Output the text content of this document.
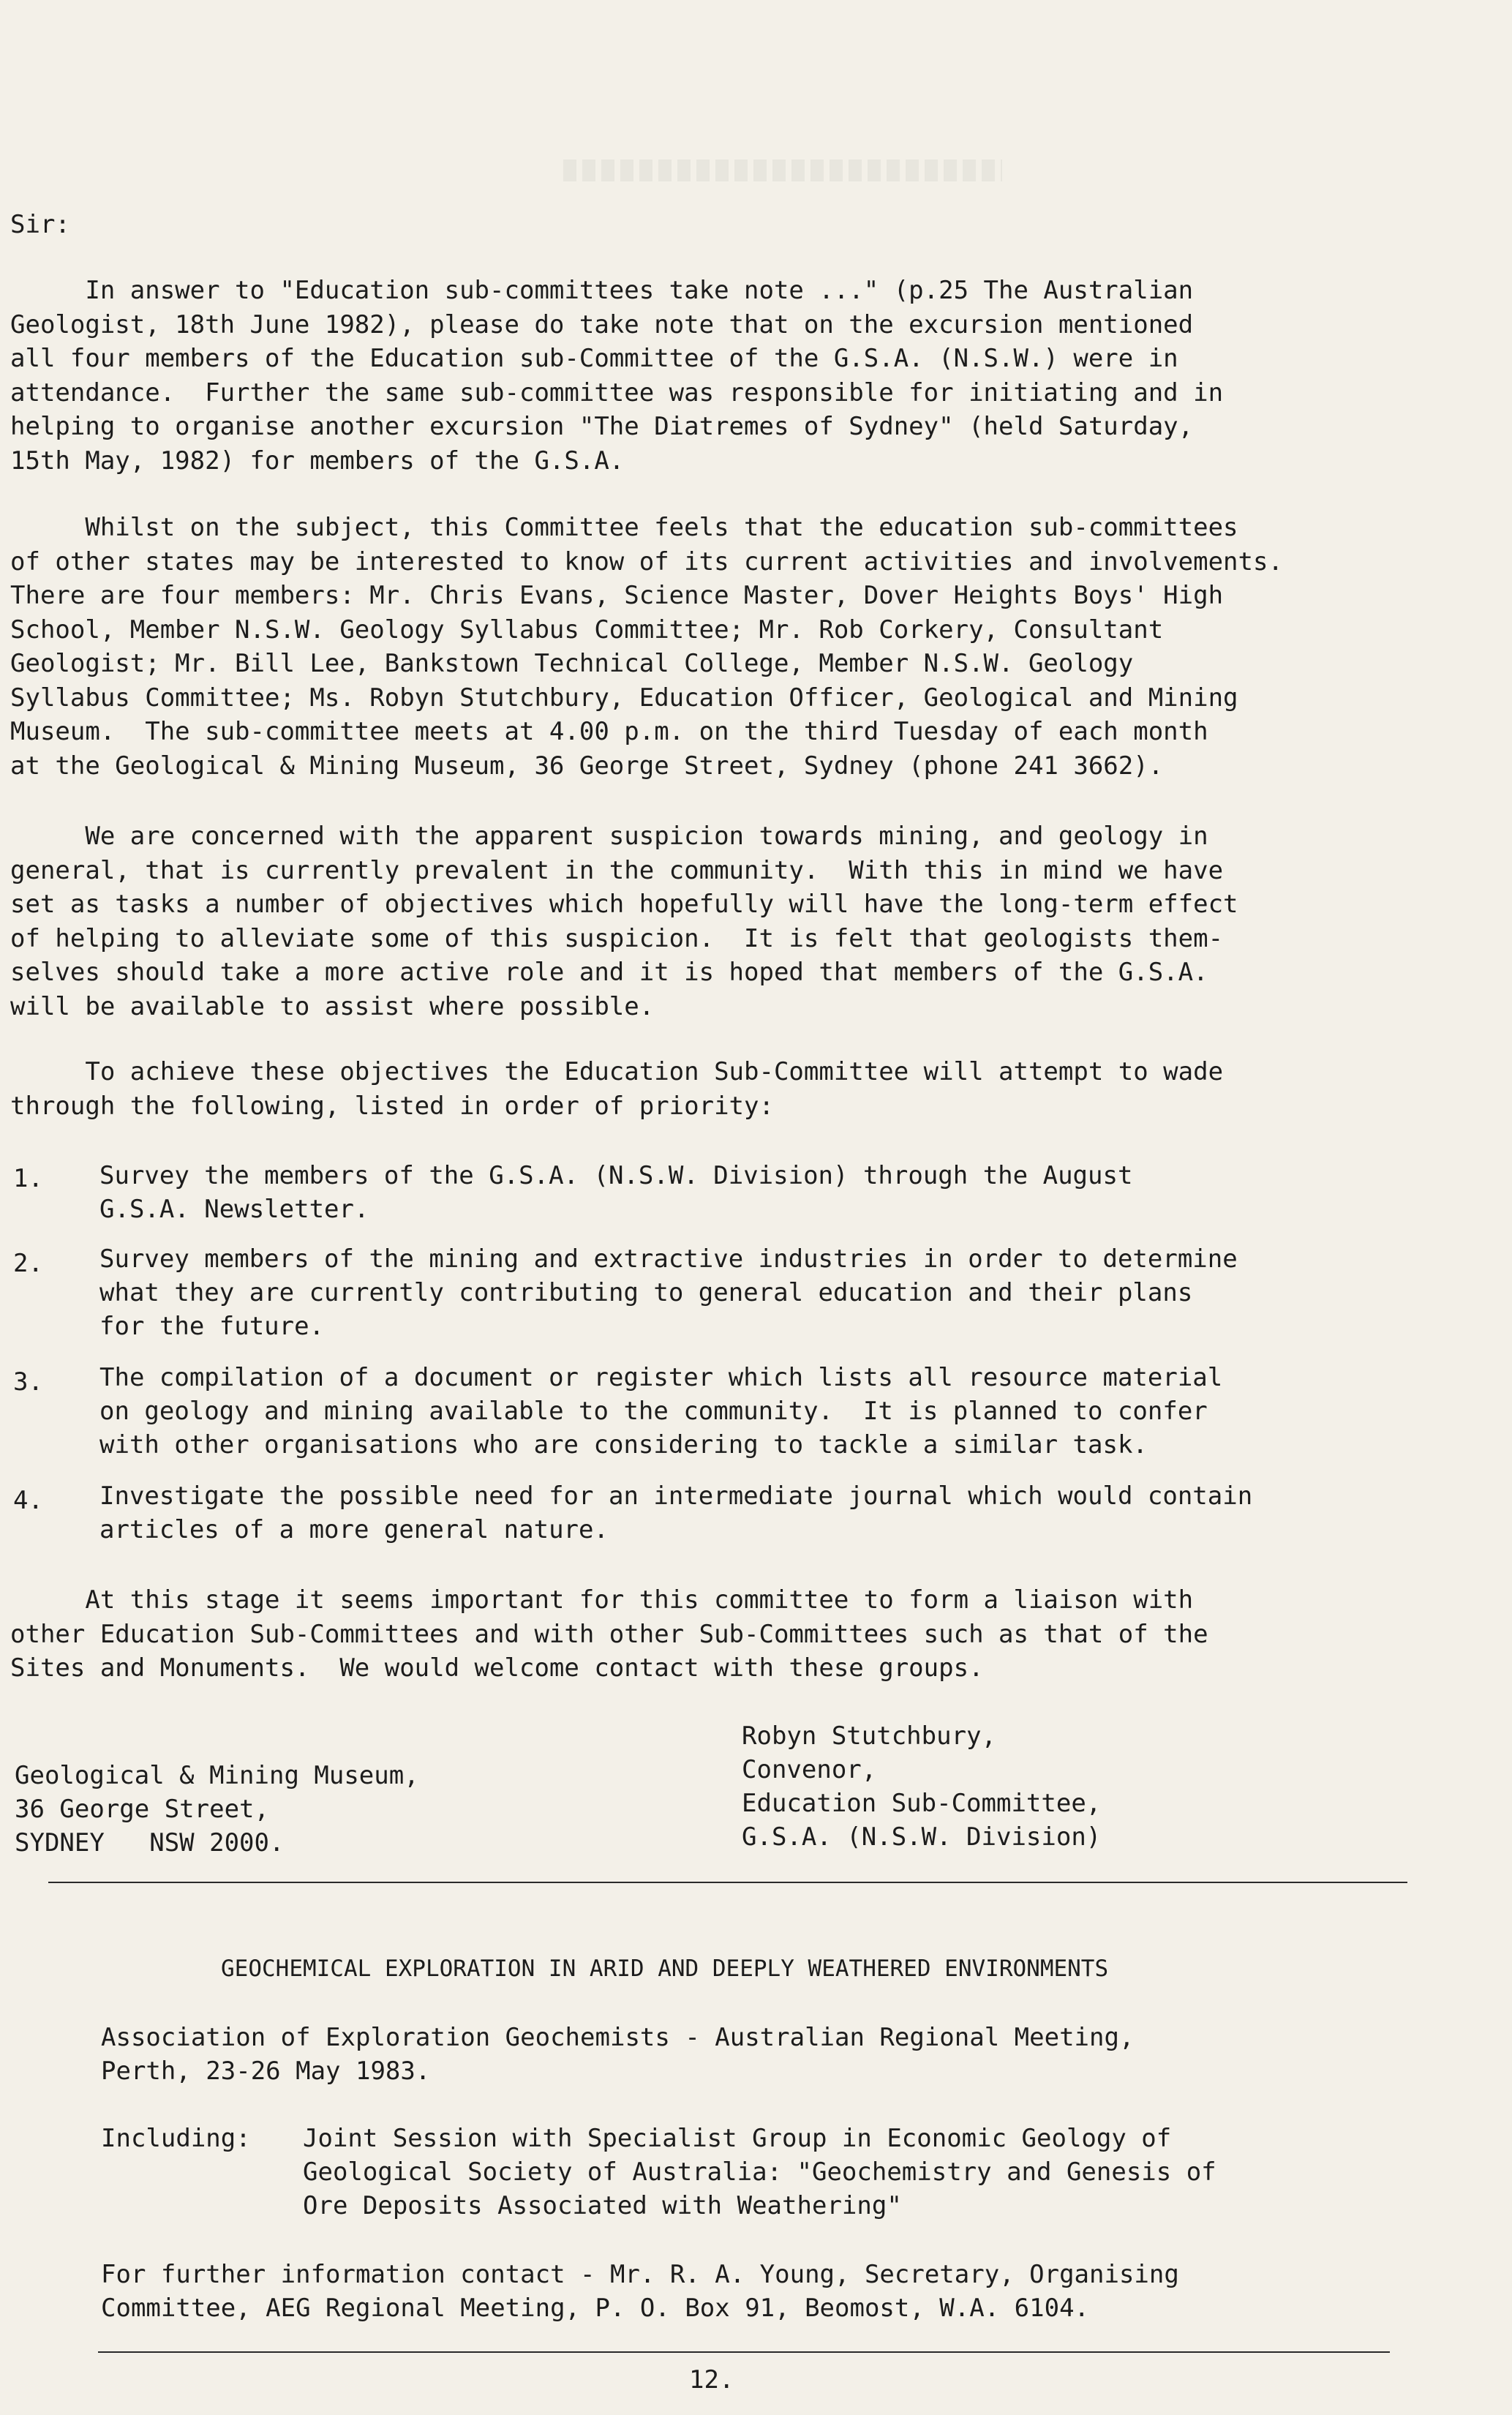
Sir:
In answer to "Education sub-committees take note ..." (p.25 The Australian
Geologist, 18th June 1982), please do take note that on the excursion mentioned
all four members of the Education sub-Committee of the G.S.A. (N.S.W.) were in
attendance.  Further the same sub-committee was responsible for initiating and in
helping to organise another excursion "The Diatremes of Sydney" (held Saturday,
15th May, 1982) for members of the G.S.A.
Whilst on the subject, this Committee feels that the education sub-committees
of other states may be interested to know of its current activities and involvements.
There are four members: Mr. Chris Evans, Science Master, Dover Heights Boys' High
School, Member N.S.W. Geology Syllabus Committee; Mr. Rob Corkery, Consultant
Geologist; Mr. Bill Lee, Bankstown Technical College, Member N.S.W. Geology
Syllabus Committee; Ms. Robyn Stutchbury, Education Officer, Geological and Mining
Museum.  The sub-committee meets at 4.00 p.m. on the third Tuesday of each month
at the Geological & Mining Museum, 36 George Street, Sydney (phone 241 3662).
We are concerned with the apparent suspicion towards mining, and geology in
general, that is currently prevalent in the community.  With this in mind we have
set as tasks a number of objectives which hopefully will have the long-term effect
of helping to alleviate some of this suspicion.  It is felt that geologists them-
selves should take a more active role and it is hoped that members of the G.S.A.
will be available to assist where possible.
To achieve these objectives the Education Sub-Committee will attempt to wade
through the following, listed in order of priority:
1. Survey the members of the G.S.A. (N.S.W. Division) through the August
G.S.A. Newsletter.
2. Survey members of the mining and extractive industries in order to determine
what they are currently contributing to general education and their plans
for the future.
3. The compilation of a document or register which lists all resource material
on geology and mining available to the community.  It is planned to confer
with other organisations who are considering to tackle a similar task.
4. Investigate the possible need for an intermediate journal which would contain
articles of a more general nature.
At this stage it seems important for this committee to form a liaison with
other Education Sub-Committees and with other Sub-Committees such as that of the
Sites and Monuments.  We would welcome contact with these groups.
Geological & Mining Museum,
36 George Street,
SYDNEY   NSW 2000.
Robyn Stutchbury,
Convenor,
Education Sub-Committee,
G.S.A. (N.S.W. Division)
GEOCHEMICAL EXPLORATION IN ARID AND DEEPLY WEATHERED ENVIRONMENTS
Association of Exploration Geochemists - Australian Regional Meeting,
Perth, 23-26 May 1983.
Including: Joint Session with Specialist Group in Economic Geology of
Geological Society of Australia: "Geochemistry and Genesis of
Ore Deposits Associated with Weathering"
For further information contact - Mr. R. A. Young, Secretary, Organising
Committee, AEG Regional Meeting, P. O. Box 91, Beomost, W.A. 6104.
12.
